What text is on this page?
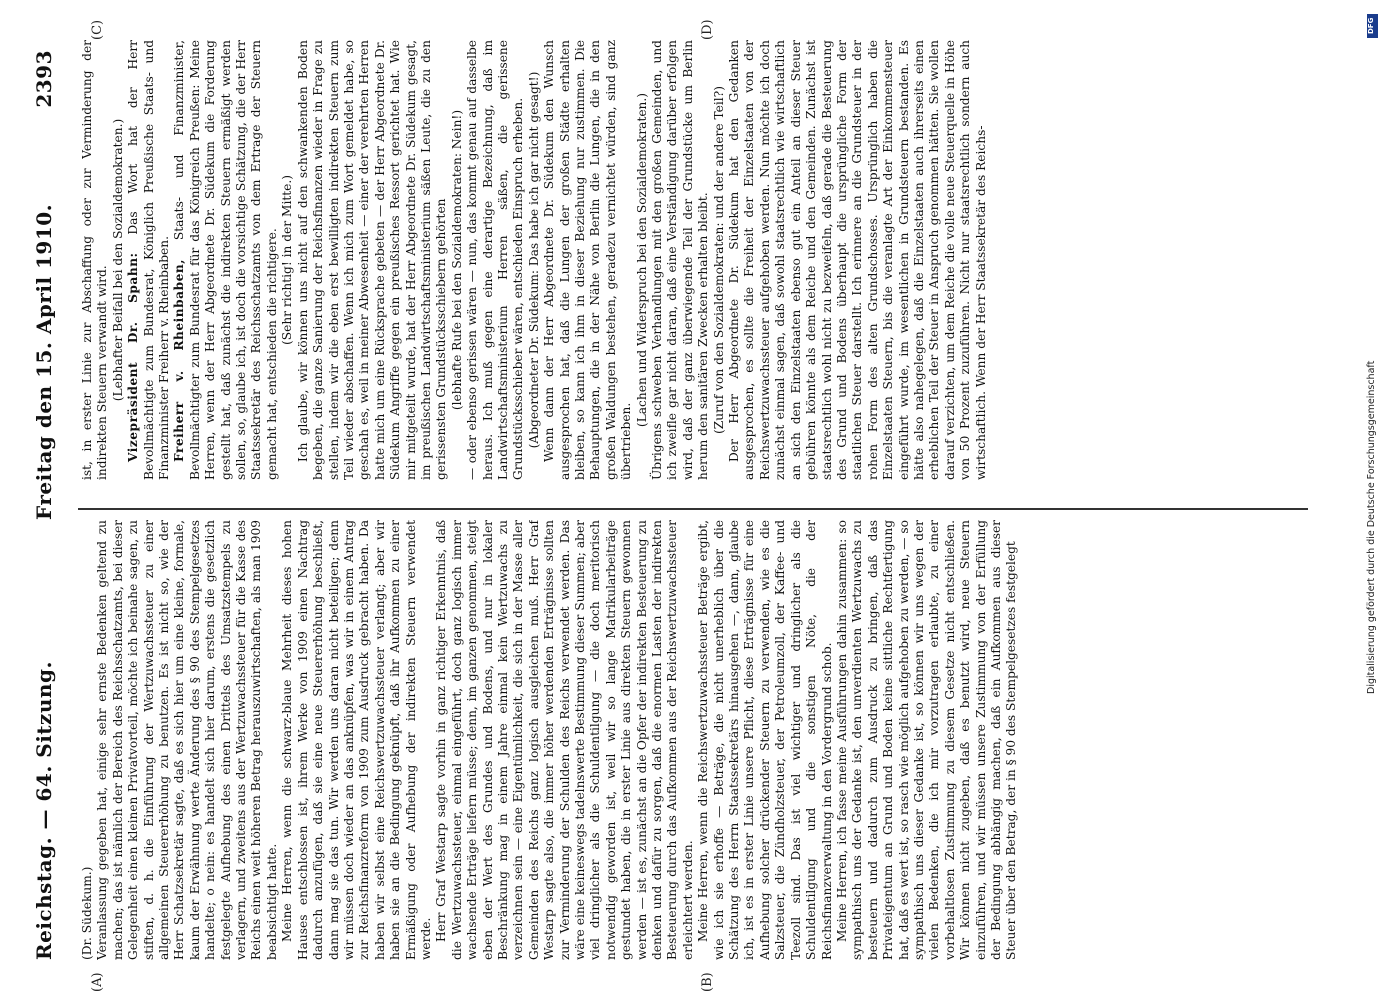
Reichstag. — 64. Sitzung.
Freitag den 15. April 1910.
2393

(Dr. Südekum.) Veranlassung gegeben hat, einige sehr ernste Bedenken geltend zu machen; das ist nämlich der Bereich des Reichsschatzamts, bei dieser Gelegenheit einen kleinen Privatvorteil, möchte ich beinahe sagen, zu stiften, d. h. die Einführung der Wertzuwachssteuer zu einer allgemeinen Steuererhöhung zu benutzen. Es ist nicht so, wie der Herr Schatzsekretär sagte, daß es sich hier um eine kleine, formale, kaum der Erwähnung werte Änderung des § 90 des Stempelgesetzes handelte; o nein: es handelt sich hier darum, erstens die gesetzlich festgelegte Aufhebung des einen Drittels des Umsatzstempels zu verlagern, und zweitens aus der Wertzuwachssteuer für die Kasse des Reichs einen weit höheren Betrag herauszuwirtschaften, als man 1909 beabsichtigt hatte. Meine Herren, wenn die schwarz-blaue Mehrheit dieses hohen Hauses entschlossen ist, ihrem Werke von 1909 einen Nachtrag dadurch anzufügen, daß sie eine neue Steuererhöhung beschließt, dann mag sie das tun. Wir werden uns daran nicht beteiligen; denn wir müssen doch wieder an das anknüpfen, was wir in einem Antrag zur Reichsfinanzreform von 1909 zum Ausdruck gebracht haben. Da haben wir selbst eine Reichswertzuwachssteuer verlangt; aber wir haben sie an die Bedingung geknüpft, daß ihr Aufkommen zu einer Ermäßigung oder Aufhebung der indirekten Steuern verwendet werde. Herr Graf Westarp sagte vorhin in ganz richtiger Erkenntnis, daß die Wertzuwachssteuer, einmal eingeführt, doch ganz logisch immer wachsende Erträge liefern müsse; denn, im ganzen genommen, steigt eben der Wert des Grundes und Bodens, und nur in lokaler Beschränkung mag in einem Jahre einmal kein Wertzuwachs zu verzeichnen sein — eine Eigentümlichkeit, die sich in der Masse aller Gemeinden des Reichs ganz logisch ausgleichen muß. Herr Graf Westarp sagte also, die immer höher werdenden Erträgnisse sollten zur Verminderung der Schulden des Reichs verwendet werden. Das wäre eine keineswegs tadelnswerte Bestimmung dieser Summen; aber viel dringlicher als die Schuldentilgung — die doch meritorisch notwendig geworden ist, weil wir so lange Matrikularbeiträge gestundet haben, die in erster Linie aus direkten Steuern gewonnen werden — ist es, zunächst an die Opfer der indirekten Besteuerung zu denken und dafür zu sorgen, daß die enormen Lasten der indirekten Besteuerung durch das Aufkommen aus der Reichswertzuwachssteuer erleichtert werden. Meine Herren, wenn die Reichswertzuwachssteuer Beträge ergibt, wie ich sie erhoffe — Beträge, die nicht unerheblich über die Schätzung des Herrn Staatssekretärs hinausgehen —, dann, glaube ich, ist es in erster Linie unsere Pflicht, diese Erträgnisse für eine Aufhebung solcher drückender Steuern zu verwenden, wie es die Salzsteuer, die Zündholzsteuer, der Petroleumzoll, der Kaffee- und Teezoll sind. Das ist viel wichtiger und dringlicher als die Schuldentilgung und die sonstigen Nöte, die der Reichsfinanzverwaltung in den Vordergrund schob. Meine Herren, ich fasse meine Ausführungen dahin zusammen: so sympathisch uns der Gedanke ist, den unverdienten Wertzuwachs zu besteuern und dadurch zum Ausdruck zu bringen, daß das Privateigentum an Grund und Boden keine sittliche Rechtfertigung hat, daß es wert ist, so rasch wie möglich aufgehoben zu werden, — so sympathisch uns dieser Gedanke ist, so können wir uns wegen der vielen Bedenken, die ich mir vorzutragen erlaubte, zu einer vorbehaltlosen Zustimmung zu diesem Gesetze nicht entschließen. Wir können nicht zugeben, daß es benutzt wird, neue Steuern einzuführen, und wir müssen unsere Zustimmung von der Erfüllung der Bedingung abhängig machen, daß ein Aufkommen aus dieser Steuer über den Betrag, der in § 90 des Stempelgesetzes festgelegt

ist, in erster Linie zur Abschaffung oder zur Verminderung der indirekten Steuern verwandt wird. (Lebhafter Beifall bei den Sozialdemokraten.) Vizepräsident Dr. Spahn: Das Wort hat der Herr Bevollmächtigte zum Bundesrat, Königlich Preußische Staats- und Finanzminister Freiherr v. Rheinbaben. Freiherr v. Rheinbaben, Staats- und Finanzminister, Bevollmächtigter zum Bundesrat für das Königreich Preußen: Meine Herren, wenn der Herr Abgeordnete Dr. Südekum die Forderung gestellt hat, daß zunächst die indirekten Steuern ermäßigt werden sollen, so, glaube ich, ist doch die vorsichtige Schätzung, die der Herr Staatssekretär des Reichsschatzamts von dem Ertrage der Steuern gemacht hat, entschieden die richtigere. (Sehr richtig! in der Mitte.) Ich glaube, wir können uns nicht auf den schwankenden Boden begeben, die ganze Sanierung der Reichsfinanzen wieder in Frage zu stellen, indem wir die eben erst bewilligten indirekten Steuern zum Teil wieder abschaffen. Wenn ich mich zum Wort gemeldet habe, so geschah es, weil in meiner Abwesenheit — einer der verehrten Herren hatte mich um eine Rücksprache gebeten — der Herr Abgeordnete Dr. Südekum Angriffe gegen ein preußisches Ressort gerichtet hat. Wie mir mitgeteilt wurde, hat der Herr Abgeordnete Dr. Südekum gesagt, im preußischen Landwirtschaftsministerium säßen Leute, die zu den gerissensten Grundstücksschiebern gehörten (lebhafte Rufe bei den Sozialdemokraten: Nein!) — oder ebenso gerissen wären — nun, das kommt genau auf dasselbe heraus. Ich muß gegen eine derartige Bezeichnung, daß im Landwirtschaftsministerium Herren säßen, die gerissene Grundstücksschieber wären, entschieden Einspruch erheben. (Abgeordneter Dr. Südekum: Das habe ich gar nicht gesagt!) Wenn dann der Herr Abgeordnete Dr. Südekum den Wunsch ausgesprochen hat, daß die Lungen der großen Städte erhalten bleiben, so kann ich ihm in dieser Beziehung nur zustimmen. Die Behauptungen, die in der Nähe von Berlin die Lungen, die in den großen Waldungen bestehen, geradezu vernichtet würden, sind ganz übertrieben.

(Lachen und Widerspruch bei den Sozialdemokraten.) Übrigens schweben Verhandlungen mit den großen Gemeinden, und ich zweifle gar nicht daran, daß eine Verständigung darüber erfolgen wird, daß der ganz überwiegende Teil der Grundstücke um Berlin herum den sanitären Zwecken erhalten bleibt. (Zuruf von den Sozialdemokraten: und der andere Teil?) Der Herr Abgeordnete Dr. Südekum hat den Gedanken ausgesprochen, es sollte die Freiheit der Einzelstaaten von der Reichswertzuwachssteuer aufgehoben werden. Nun möchte ich doch zunächst einmal sagen, daß sowohl staatsrechtlich wie wirtschaftlich an sich den Einzelstaaten ebenso gut ein Anteil an dieser Steuer gebühren könnte als dem Reiche und den Gemeinden. Zunächst ist staatsrechtlich wohl nicht zu bezweifeln, daß gerade die Besteuerung des Grund und Bodens überhaupt die ursprüngliche Form der staatlichen Steuer darstellt. Ich erinnere an die Grundsteuer in der rohen Form des alten Grundschosses. Ursprünglich haben die Einzelstaaten Steuern, bis die veranlagte Art der Einkommensteuer eingeführt wurde, im wesentlichen in Grundsteuern bestanden. Es hätte also nahegelegen, daß die Einzelstaaten auch ihrerseits einen erheblichen Teil der Steuer in Anspruch genommen hätten. Sie wollen darauf verzichten, um dem Reiche die volle neue Steuerquelle in Höhe von 50 Prozent zuzuführen. Nicht nur staatsrechtlich sondern auch wirtschaftlich. Wenn der Herr Staatssekretär des Reichs-

(A)	(B)
(C)	(D)	DFG
Digitalisierung gefördert durch die Deutsche Forschungsgemeinschaft
